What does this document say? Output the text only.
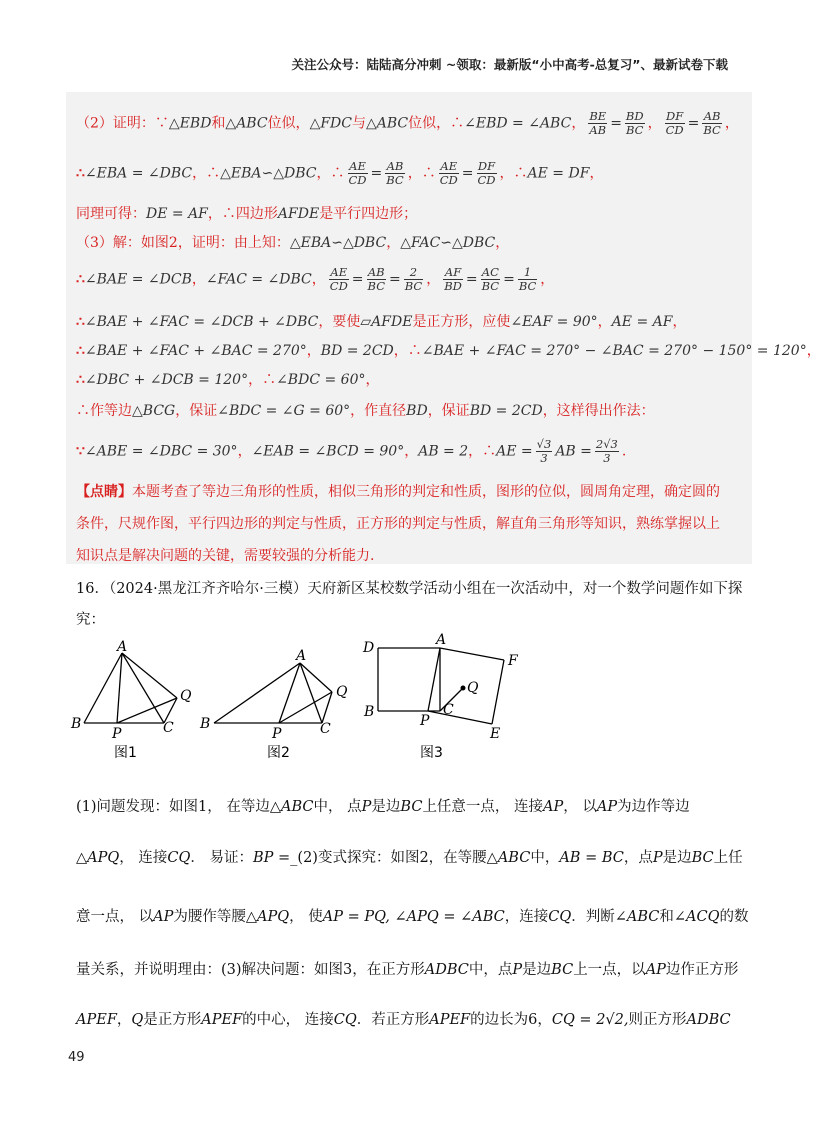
关注公众号：陆陆高分冲刺 ~领取：最新版“小中高考-总复习”、最新试卷下载
（2）证明：∵△EBD和△ABC位似，△FDC与△ABC位似，∴∠EBD = ∠ABC， $\frac{BE}{AB} = \frac{BD}{BC}$ ， $\frac{DF}{CD} = \frac{AB}{BC}$ ，
∴∠EBA = ∠DBC，∴△EBA∽△DBC，∴ $\frac{AE}{CD} = \frac{AB}{BC}$ ，∴ $\frac{AE}{CD} = \frac{DF}{CD}$ ，∴AE = DF，
同理可得：DE = AF，∴四边形AFDE是平行四边形；
（3）解：如图2，证明：由上知：△EBA∽△DBC，△FAC∽△DBC，
∴∠BAE = ∠DCB，∠FAC = ∠DBC， $\frac{AE}{CD} = \frac{AB}{BC} = \frac{2}{BC}$ ， $\frac{AF}{BD} = \frac{AC}{BC} = \frac{1}{BC}$ ，
∴∠BAE + ∠FAC = ∠DCB + ∠DBC，要使▱AFDE是正方形，应使∠EAF = 90°，AE = AF，
∴∠BAE + ∠FAC + ∠BAC = 270°，BD = 2CD，∴∠BAE + ∠FAC = 270° − ∠BAC = 270° − 150° = 120°，
∴∠DBC + ∠DCB = 120°，∴∠BDC = 60°，
∴作等边△BCG，保证∠BDC = ∠G = 60°，作直径BD，保证BD = 2CD，这样得出作法：
∵∠ABE = ∠DBC = 30°，∠EAB = ∠BCD = 90°，AB = 2，∴AE = $\frac{√3}{3}$ AB = $\frac{2√3}{3}$ .
【点睛】本题考查了等边三角形的性质，相似三角形的判定和性质，图形的位似，圆周角定理，确定圆的
条件，尺规作图，平行四边形的判定与性质，正方形的判定与性质，解直角三角形等知识，熟练掌握以上
知识点是解决问题的关键，需要较强的分析能力.
16．（2024·黑龙江齐齐哈尔·三模）天府新区某校数学活动小组在一次活动中，对一个数学问题作如下探
究：
A
B	C
P
Q
图1
A
B	C
P
Q
图2
D	A
F
B
P
C
Q
E
图3
(1)问题发现：如图1， 在等边△ABC中， 点P是边BC上任意一点， 连接AP， 以AP为边作等边
△APQ， 连接CQ． 易证：BP =_(2)变式探究：如图2，在等腰△ABC中，AB = BC，点P是边BC上任
意一点， 以AP为腰作等腰△APQ， 使AP = PQ, ∠APQ = ∠ABC，连接CQ．判断∠ABC和∠ACQ的数
量关系，并说明理由：(3)解决问题：如图3，在正方形ADBC中，点P是边BC上一点，以AP边作正方形
APEF，Q是正方形APEF的中心， 连接CQ．若正方形APEF的边长为6，CQ = 2√2,则正方形ADBC
49
